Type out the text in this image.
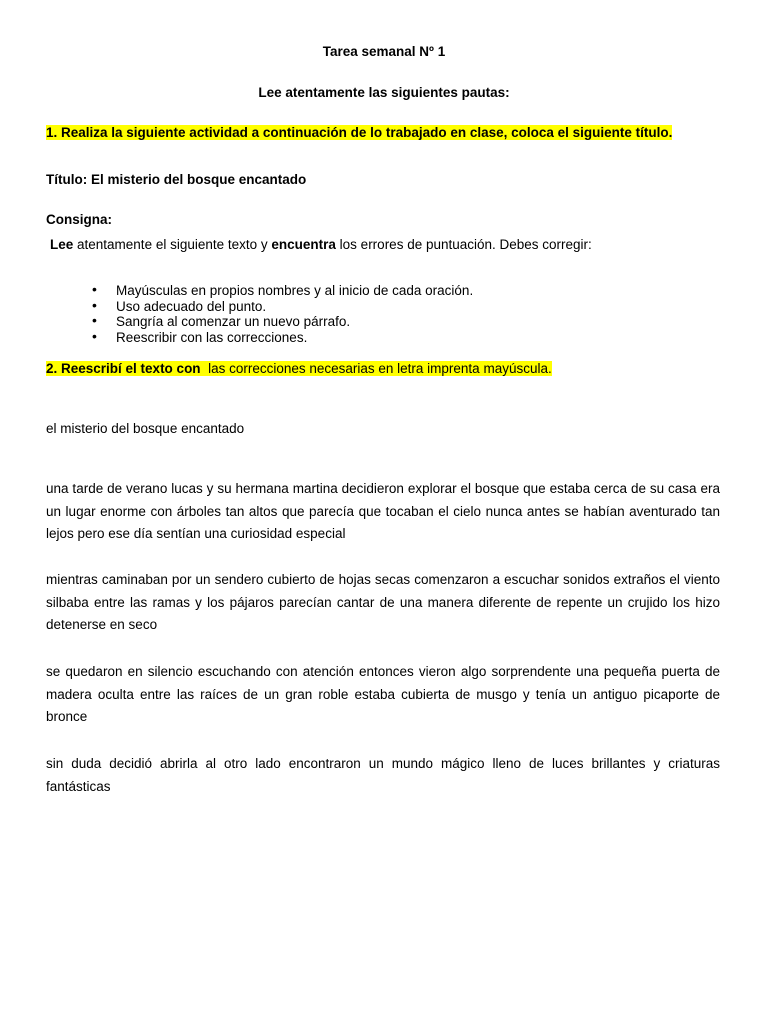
Tarea semanal Nº 1
Lee atentamente las siguientes pautas:
1. Realiza la siguiente actividad a continuación de lo trabajado en clase, coloca el siguiente título.
Título: El misterio del bosque encantado
Consigna:
Lee atentamente el siguiente texto y encuentra los errores de puntuación. Debes corregir:
• Mayúsculas en propios nombres y al inicio de cada oración.
• Uso adecuado del punto.
• Sangría al comenzar un nuevo párrafo.
• Reescribir con las correcciones.
2. Reescribí el texto con  las correcciones necesarias en letra imprenta mayúscula.
el misterio del bosque encantado

una tarde de verano lucas y su hermana martina decidieron explorar el bosque que estaba cerca de su casa era un lugar enorme con árboles tan altos que parecía que tocaban el cielo nunca antes se habían aventurado tan lejos pero ese día sentían una curiosidad especial

mientras caminaban por un sendero cubierto de hojas secas comenzaron a escuchar sonidos extraños el viento silbaba entre las ramas y los pájaros parecían cantar de una manera diferente de repente un crujido los hizo detenerse en seco

se quedaron en silencio escuchando con atención entonces vieron algo sorprendente una pequeña puerta de madera oculta entre las raíces de un gran roble estaba cubierta de musgo y tenía un antiguo picaporte de bronce

sin duda decidió abrirla al otro lado encontraron un mundo mágico lleno de luces brillantes y criaturas fantásticas
